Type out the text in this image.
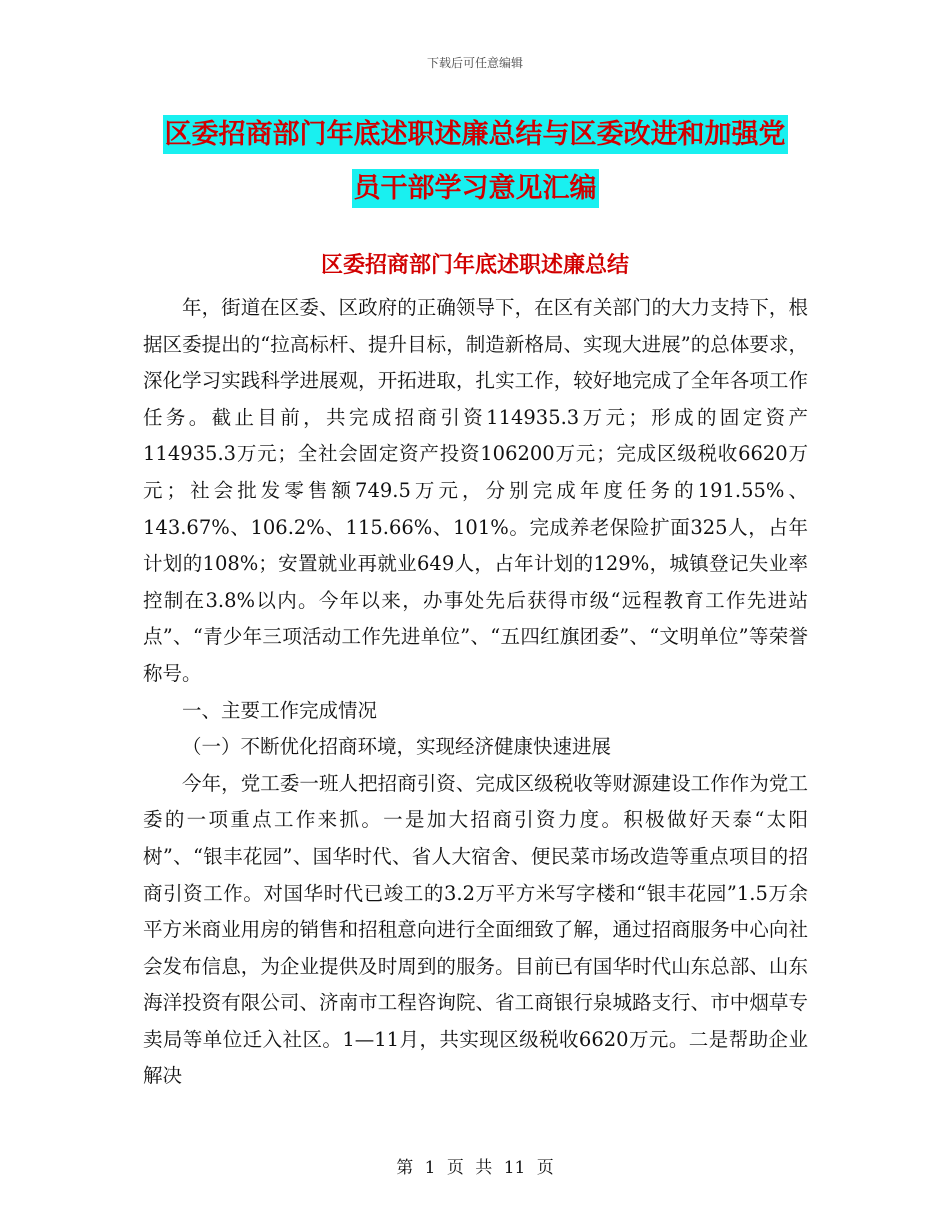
下载后可任意编辑
区委招商部门年底述职述廉总结与区委改进和加强党
员干部学习意见汇编
区委招商部门年底述职述廉总结

年，街道在区委、区政府的正确领导下，在区有关部门的大力支持下，根据区委提出的“拉高标杆、提升目标，制造新格局、实现大进展”的总体要求，深化学习实践科学进展观，开拓进取，扎实工作，较好地完成了全年各项工作任务。截止目前，共完成招商引资114935.3万元；形成的固定资产114935.3万元；全社会固定资产投资106200万元；完成区级税收6620万元；社会批发零售额749.5万元，分别完成年度任务的191.55%、143.67%、106.2%、115.66%、101%。完成养老保险扩面325人，占年计划的108%；安置就业再就业649人，占年计划的129%，城镇登记失业率控制在3.8%以内。今年以来，办事处先后获得市级“远程教育工作先进站点”、“青少年三项活动工作先进单位”、“五四红旗团委”、“文明单位”等荣誉称号。

一、主要工作完成情况

（一）不断优化招商环境，实现经济健康快速进展

今年，党工委一班人把招商引资、完成区级税收等财源建设工作作为党工委的一项重点工作来抓。一是加大招商引资力度。积极做好天泰“太阳树”、“银丰花园”、国华时代、省人大宿舍、便民菜市场改造等重点项目的招商引资工作。对国华时代已竣工的3.2万平方米写字楼和“银丰花园”1.5万余平方米商业用房的销售和招租意向进行全面细致了解，通过招商服务中心向社会发布信息，为企业提供及时周到的服务。目前已有国华时代山东总部、山东海洋投资有限公司、济南市工程咨询院、省工商银行泉城路支行、市中烟草专卖局等单位迁入社区。1—11月，共实现区级税收6620万元。二是帮助企业解决

第 1 页 共 11 页
